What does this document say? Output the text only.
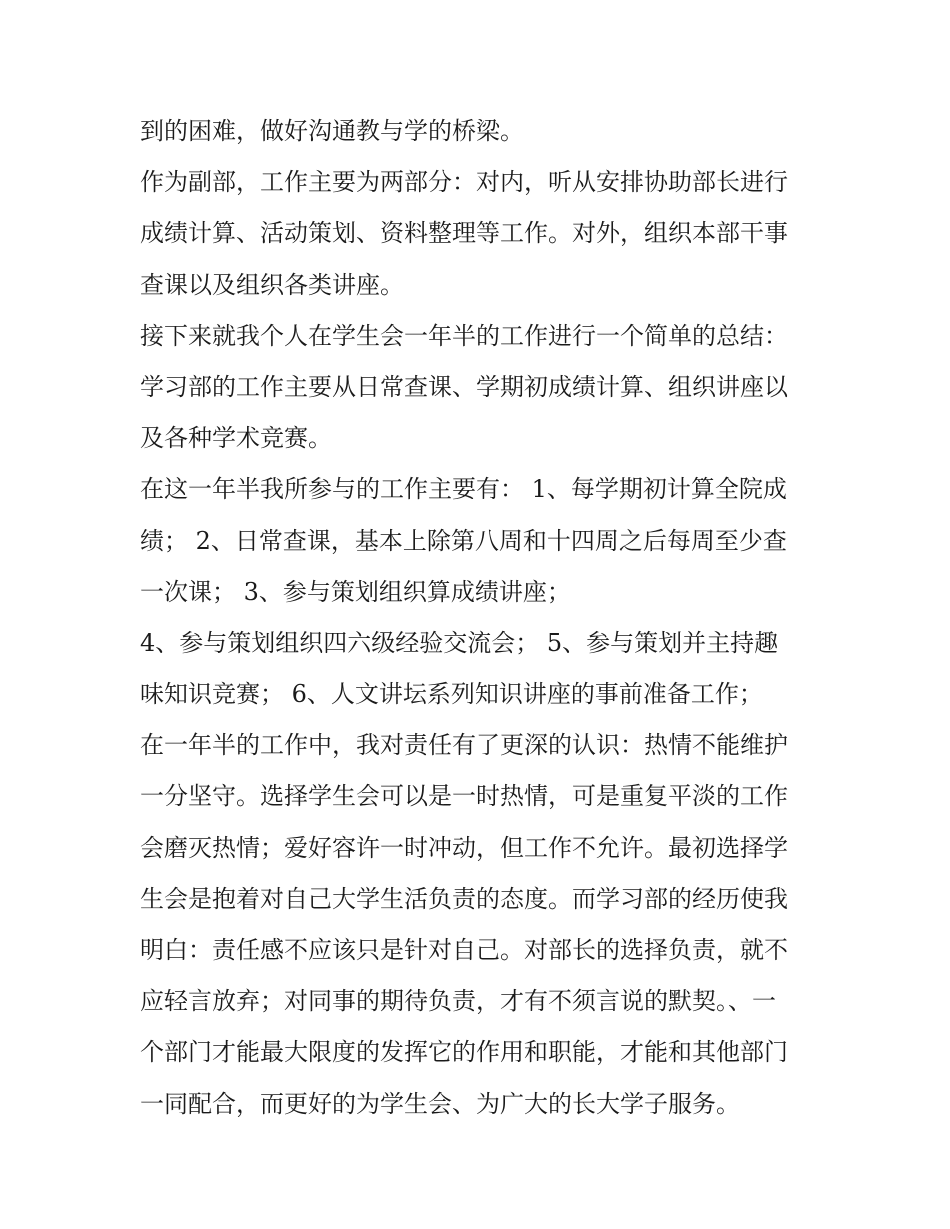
到的困难，做好沟通教与学的桥梁。
作为副部，工作主要为两部分：对内，听从安排协助部长进行
成绩计算、活动策划、资料整理等工作。对外，组织本部干事
查课以及组织各类讲座。
接下来就我个人在学生会一年半的工作进行一个简单的总结：
学习部的工作主要从日常查课、学期初成绩计算、组织讲座以
及各种学术竞赛。
在这一年半我所参与的工作主要有： 1、每学期初计算全院成
绩； 2、日常查课，基本上除第八周和十四周之后每周至少查
一次课； 3、参与策划组织算成绩讲座；
4、参与策划组织四六级经验交流会； 5、参与策划并主持趣
味知识竞赛； 6、人文讲坛系列知识讲座的事前准备工作；
在一年半的工作中，我对责任有了更深的认识：热情不能维护
一分坚守。选择学生会可以是一时热情，可是重复平淡的工作
会磨灭热情；爱好容许一时冲动，但工作不允许。最初选择学
生会是抱着对自己大学生活负责的态度。而学习部的经历使我
明白：责任感不应该只是针对自己。对部长的选择负责，就不
应轻言放弃；对同事的期待负责，才有不须言说的默契。、一
个部门才能最大限度的发挥它的作用和职能，才能和其他部门
一同配合，而更好的为学生会、为广大的长大学子服务。
